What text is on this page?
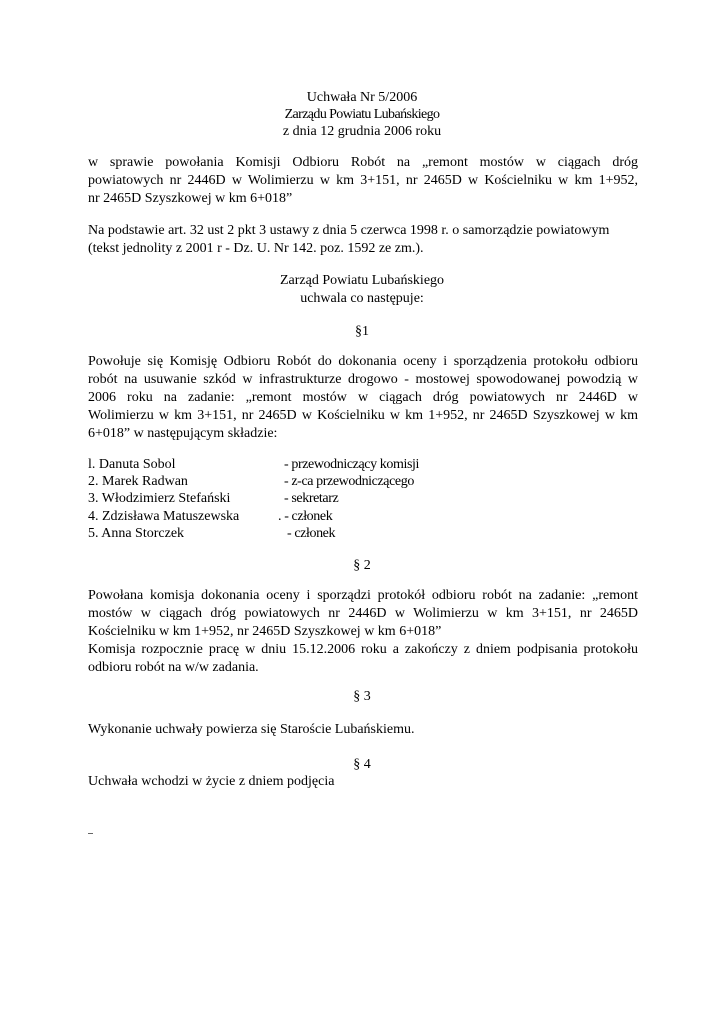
Uchwała Nr 5/2006
Zarządu Powiatu Lubańskiego
z dnia 12 grudnia 2006 roku
w sprawie powołania Komisji Odbioru Robót na „remont mostów w ciągach dróg
powiatowych nr 2446D w Wolimierzu w km 3+151, nr 2465D w Kościelniku w km 1+952,
nr 2465D Szyszkowej w km 6+018”
Na podstawie art. 32 ust 2 pkt 3 ustawy z dnia 5 czerwca 1998 r. o samorządzie powiatowym
(tekst jednolity z 2001 r - Dz. U. Nr 142. poz. 1592 ze zm.).
Zarząd Powiatu Lubańskiego
uchwala co następuje:
§1
Powołuje się Komisję Odbioru Robót do dokonania oceny i sporządzenia protokołu odbioru
robót na usuwanie szkód w infrastrukturze drogowo - mostowej spowodowanej powodzią w
2006 roku na zadanie: „remont mostów w ciągach dróg powiatowych nr 2446D w
Wolimierzu w km 3+151, nr 2465D w Kościelniku w km 1+952, nr 2465D Szyszkowej w km
6+018” w następującym składzie:
l. Danuta Sobol	- przewodniczący komisji
2. Marek Radwan	- z-ca przewodniczącego
3. Włodzimierz Stefański	- sekretarz
4. Zdzisława Matuszewska	. - członek
5. Anna Storczek	- członek
§ 2
Powołana komisja dokonania oceny i sporządzi protokół odbioru robót na zadanie: „remont
mostów w ciągach dróg powiatowych nr 2446D w Wolimierzu w km 3+151, nr 2465D
Kościelniku w km 1+952, nr 2465D Szyszkowej w km 6+018”
Komisja rozpocznie pracę w dniu 15.12.2006 roku a zakończy z dniem podpisania protokołu
odbioru robót na w/w zadania.
§ 3
Wykonanie uchwały powierza się Staroście Lubańskiemu.
§ 4
Uchwała wchodzi w życie z dniem podjęcia
